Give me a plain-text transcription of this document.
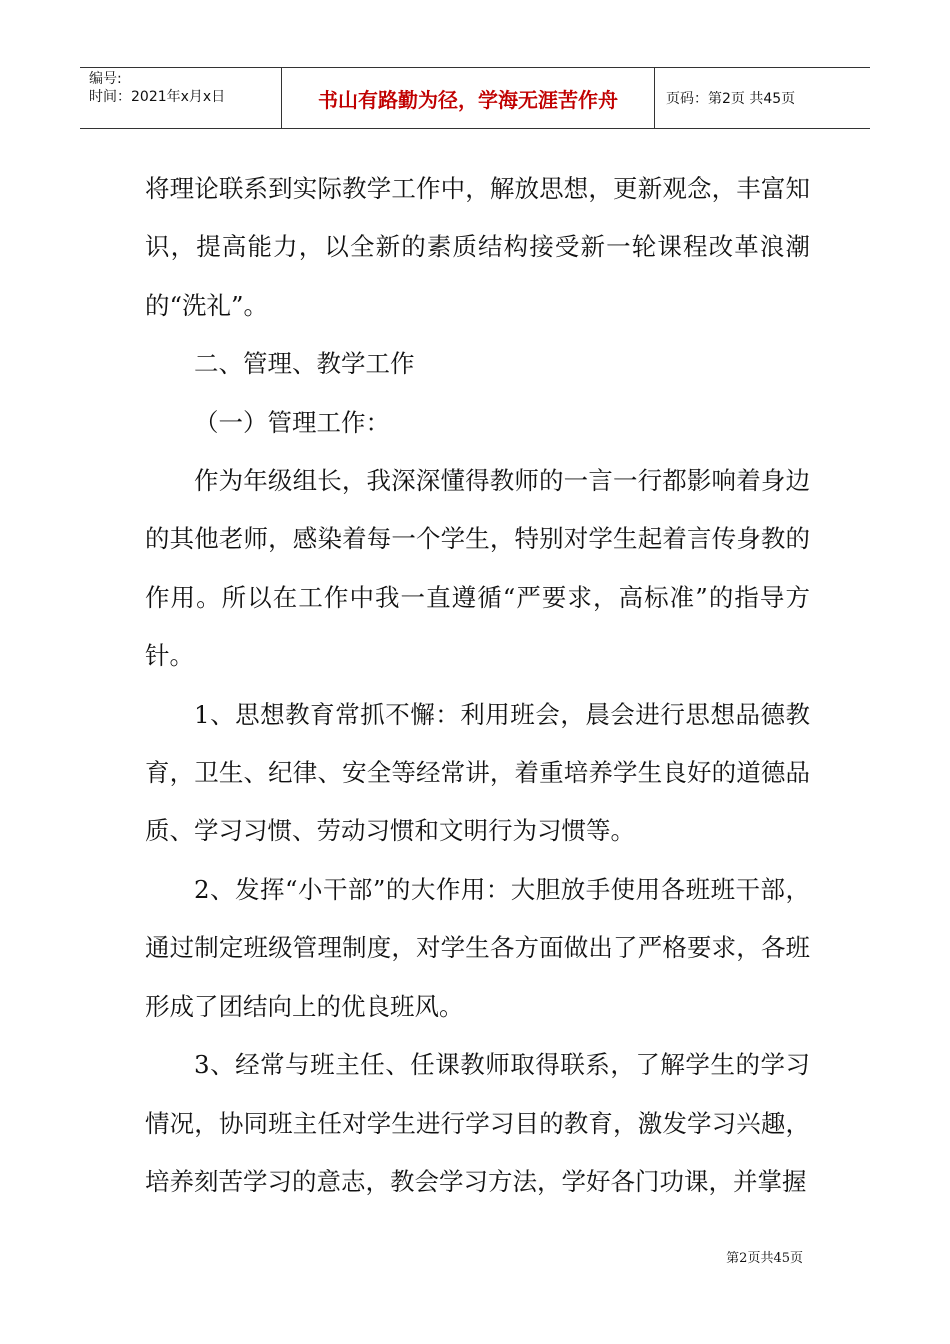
编号:
时间：2021年x月x日	书山有路勤为径，学海无涯苦作舟	页码：第2页 共45页

将理论联系到实际教学工作中，解放思想，更新观念，丰富知识，提高能力，以全新的素质结构接受新一轮课程改革浪潮的“洗礼”。

二、管理、教学工作

（一）管理工作：

作为年级组长，我深深懂得教师的一言一行都影响着身边的其他老师，感染着每一个学生，特别对学生起着言传身教的作用。所以在工作中我一直遵循“严要求，高标准”的指导方针。

1、思想教育常抓不懈：利用班会，晨会进行思想品德教育，卫生、纪律、安全等经常讲，着重培养学生良好的道德品质、学习习惯、劳动习惯和文明行为习惯等。

2、发挥“小干部”的大作用：大胆放手使用各班班干部，通过制定班级管理制度，对学生各方面做出了严格要求，各班形成了团结向上的优良班风。

3、经常与班主任、任课教师取得联系，了解学生的学习情况，协同班主任对学生进行学习目的教育，激发学习兴趣，培养刻苦学习的意志，教会学习方法，学好各门功课，并掌握

第2页共45页
